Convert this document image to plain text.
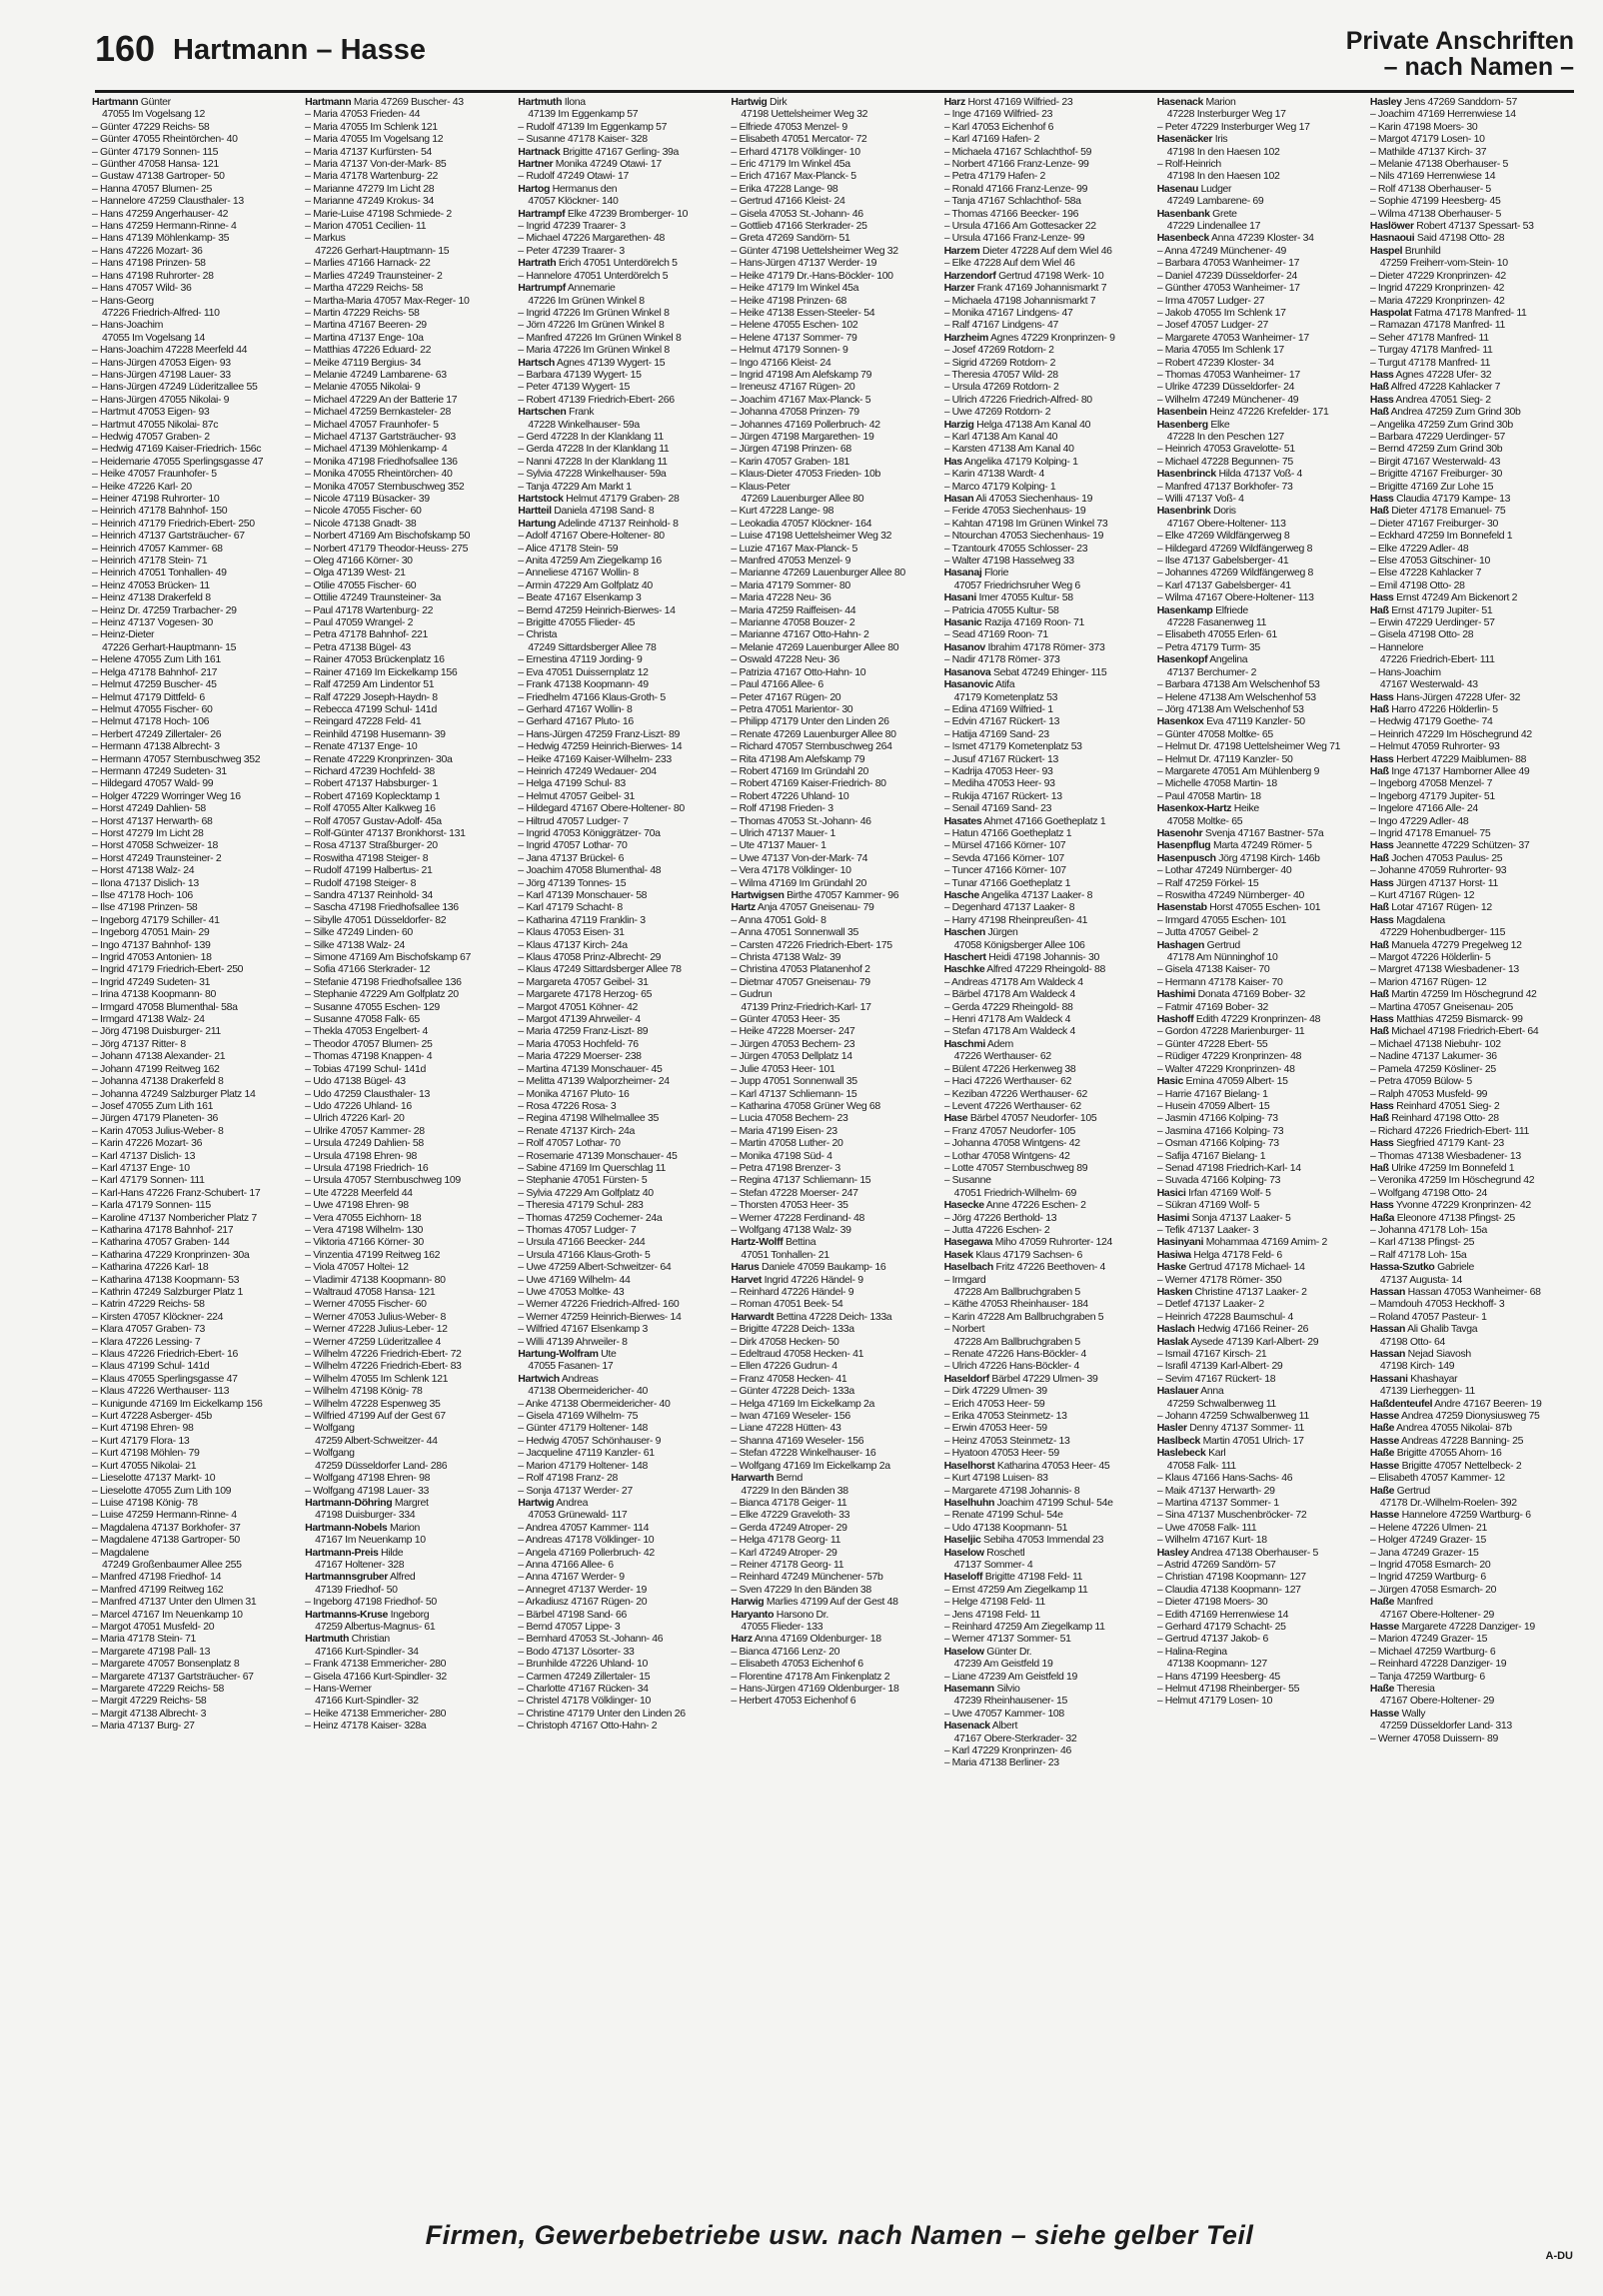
160 Hartmann – Hasse	Private Anschriften
– nach Namen –
Hartmann Günter
47055 Im Vogelsang 12
– Günter 47229 Reichs- 58
– Günter 47055 Rheintörchen- 40
– Günter 47179 Sonnen- 115
– Günther 47058 Hansa- 121
– Gustaw 47138 Gartroper- 50
– Hanna 47057 Blumen- 25
– Hannelore 47259 Clausthaler- 13
– Hans 47259 Angerhauser- 42
– Hans 47259 Hermann-Rinne- 4
– Hans 47139 Möhlenkamp- 35
– Hans 47226 Mozart- 36
– Hans 47198 Prinzen- 58
– Hans 47198 Ruhrorter- 28
– Hans 47057 Wild- 36
– Hans-Georg
47226 Friedrich-Alfred- 110
– Hans-Joachim
47055 Im Vogelsang 14
– Hans-Joachim 47228 Meerfeld 44
– Hans-Jürgen 47053 Eigen- 93
– Hans-Jürgen 47198 Lauer- 33
– Hans-Jürgen 47249 Lüderitzallee 55
– Hans-Jürgen 47055 Nikolai- 9
– Hartmut 47053 Eigen- 93
– Hartmut 47055 Nikolai- 87c
– Hedwig 47057 Graben- 2
– Hedwig 47169 Kaiser-Friedrich- 156c
– Heidemarie 47055 Sperlingsgasse 47
– Heike 47057 Fraunhofer- 5
– Heike 47226 Karl- 20
– Heiner 47198 Ruhrorter- 10
– Heinrich 47178 Bahnhof- 150
– Heinrich 47179 Friedrich-Ebert- 250
– Heinrich 47137 Gartsträucher- 67
– Heinrich 47057 Kammer- 68
– Heinrich 47178 Stein- 71
– Heinrich 47051 Tonhallen- 49
– Heinz 47053 Brücken- 11
– Heinz 47138 Drakerfeld 8
– Heinz Dr. 47259 Trarbacher- 29
– Heinz 47137 Vogesen- 30
– Heinz-Dieter
47226 Gerhart-Hauptmann- 15
– Helene 47055 Zum Lith 161
– Helga 47178 Bahnhof- 217
– Helmut 47259 Buscher- 45
– Helmut 47179 Dittfeld- 6
– Helmut 47055 Fischer- 60
– Helmut 47178 Hoch- 106
– Herbert 47249 Zillertaler- 26
– Hermann 47138 Albrecht- 3
– Hermann 47057 Sternbuschweg 352
– Hermann 47249 Sudeten- 31
– Hildegard 47057 Wald- 99
– Holger 47229 Worringer Weg 16
– Horst 47249 Dahlien- 58
– Horst 47137 Herwarth- 68
– Horst 47279 Im Licht 28
– Horst 47058 Schweizer- 18
– Horst 47249 Traunsteiner- 2
– Horst 47138 Walz- 24
– Ilona 47137 Dislich- 13
– Ilse 47178 Hoch- 106
– Ilse 47198 Prinzen- 58
– Ingeborg 47179 Schiller- 41
– Ingeborg 47051 Main- 29
– Ingo 47137 Bahnhof- 139
– Ingrid 47053 Antonien- 18
– Ingrid 47179 Friedrich-Ebert- 250
– Ingrid 47249 Sudeten- 31
– Irina 47138 Koopmann- 80
– Irmgard 47058 Blumenthal- 58a
– Irmgard 47138 Walz- 24
– Jörg 47198 Duisburger- 211
– Jörg 47137 Ritter- 8
– Johann 47138 Alexander- 21
– Johann 47199 Reitweg 162
– Johanna 47138 Drakerfeld 8
– Johanna 47249 Salzburger Platz 14
– Josef 47055 Zum Lith 161
– Jürgen 47179 Planeten- 36
– Karin 47053 Julius-Weber- 8
– Karin 47226 Mozart- 36
– Karl 47137 Dislich- 13
– Karl 47137 Enge- 10
– Karl 47179 Sonnen- 111
– Karl-Hans 47226 Franz-Schubert- 17
– Karla 47179 Sonnen- 115
– Karoline 47137 Nombericher Platz 7
– Katharina 47178 Bahnhof- 217
– Katharina 47057 Graben- 144
– Katharina 47229 Kronprinzen- 30a
– Katharina 47226 Karl- 18
– Katharina 47138 Koopmann- 53
– Kathrin 47249 Salzburger Platz 1
– Katrin 47229 Reichs- 58
– Kirsten 47057 Klöckner- 224
– Klara 47057 Graben- 73
– Klara 47226 Lessing- 7
– Klaus 47226 Friedrich-Ebert- 16
– Klaus 47199 Schul- 141d
– Klaus 47055 Sperlingsgasse 47
– Klaus 47226 Werthauser- 113
– Kunigunde 47169 Im Eickelkamp 156
– Kurt 47228 Asberger- 45b
– Kurt 47198 Ehren- 98
– Kurt 47179 Flora- 13
– Kurt 47198 Möhlen- 79
– Kurt 47055 Nikolai- 21
– Lieselotte 47137 Markt- 10
– Lieselotte 47055 Zum Lith 109
– Luise 47198 König- 78
– Luise 47259 Hermann-Rinne- 4
– Magdalena 47137 Borkhofer- 37
– Magdalene 47138 Gartroper- 50
– Magdalene
47249 Großenbaumer Allee 255
– Manfred 47198 Friedhof- 14
– Manfred 47199 Reitweg 162
– Manfred 47137 Unter den Ulmen 31
– Marcel 47167 Im Neuenkamp 10
– Margot 47051 Musfeld- 20
– Maria 47178 Stein- 71
– Margarete 47198 Pall- 13
– Margarete 47057 Bonsenplatz 8
– Margarete 47137 Gartsträucher- 67
– Margarete 47229 Reichs- 58
– Margit 47229 Reichs- 58
– Margit 47138 Albrecht- 3
– Maria 47137 Burg- 27
Hartmann Maria 47269 Buscher- 43
– Maria 47053 Frieden- 44
– Maria 47055 Im Schlenk 121
– Maria 47055 Im Vogelsang 12
– Maria 47137 Kurfürsten- 54
– Maria 47137 Von-der-Mark- 85
– Maria 47178 Wartenburg- 22
– Marianne 47279 Im Licht 28
– Marianne 47249 Krokus- 34
– Marie-Luise 47198 Schmiede- 2
– Marion 47051 Cecilien- 11
– Markus
47226 Gerhart-Hauptmann- 15
– Marlies 47166 Harnack- 22
– Marlies 47249 Traunsteiner- 2
– Martha 47229 Reichs- 58
– Martha-Maria 47057 Max-Reger- 10
– Martin 47229 Reichs- 58
– Martina 47167 Beeren- 29
– Martina 47137 Enge- 10a
– Matthias 47226 Eduard- 22
– Meike 47119 Bergius- 34
– Melanie 47249 Lambarene- 63
– Melanie 47055 Nikolai- 9
– Michael 47229 An der Batterie 17
– Michael 47259 Bernkasteler- 28
– Michael 47057 Fraunhofer- 5
– Michael 47137 Gartsträucher- 93
– Michael 47139 Möhlenkamp- 4
– Monika 47198 Friedhofsallee 136
– Monika 47055 Rheintörchen- 40
– Monika 47057 Sternbuschweg 352
– Nicole 47119 Büsacker- 39
– Nicole 47055 Fischer- 60
– Nicole 47138 Gnadt- 38
– Norbert 47169 Am Bischofskamp 50
– Norbert 47179 Theodor-Heuss- 275
– Oleg 47166 Körner- 30
– Olga 47139 West- 21
– Otilie 47055 Fischer- 60
– Ottilie 47249 Traunsteiner- 3a
– Paul 47178 Wartenburg- 22
– Paul 47059 Wrangel- 2
– Petra 47178 Bahnhof- 221
– Petra 47138 Bügel- 43
– Rainer 47053 Brückenplatz 16
– Rainer 47169 Im Eickelkamp 156
– Ralf 47259 Am Lindentor 51
– Ralf 47229 Joseph-Haydn- 8
– Rebecca 47199 Schul- 141d
– Reingard 47228 Feld- 41
– Reinhild 47198 Husemann- 39
– Renate 47137 Enge- 10
– Renate 47229 Kronprinzen- 30a
– Richard 47239 Hochfeld- 38
– Robert 47137 Habsburger- 1
– Robert 47169 Koplecktamp 1
– Rolf 47055 Alter Kalkweg 16
– Rolf 47057 Gustav-Adolf- 45a
– Rolf-Günter 47137 Bronkhorst- 131
– Rosa 47137 Straßburger- 20
– Roswitha 47198 Steiger- 8
– Rudolf 47199 Halbertus- 21
– Rudolf 47198 Steiger- 8
– Sandra 47137 Reinhold- 34
– Sascha 47198 Friedhofsallee 136
– Sibylle 47051 Düsseldorfer- 82
– Silke 47249 Linden- 60
– Silke 47138 Walz- 24
– Simone 47169 Am Bischofskamp 67
– Sofia 47166 Sterkrader- 12
– Stefanie 47198 Friedhofsallee 136
– Stephanie 47229 Am Golfplatz 20
– Susanne 47055 Eschen- 129
– Susanne 47058 Falk- 65
– Thekla 47053 Engelbert- 4
– Theodor 47057 Blumen- 25
– Thomas 47198 Knappen- 4
– Tobias 47199 Schul- 141d
– Udo 47138 Bügel- 43
– Udo 47259 Clausthaler- 13
– Udo 47226 Uhland- 16
– Ulrich 47226 Karl- 20
– Ulrike 47057 Kammer- 28
– Ursula 47249 Dahlien- 58
– Ursula 47198 Ehren- 98
– Ursula 47198 Friedrich- 16
– Ursula 47057 Sternbuschweg 109
– Ute 47228 Meerfeld 44
– Uwe 47198 Ehren- 98
– Vera 47055 Eichhorn- 18
– Vera 47198 Wilhelm- 130
– Viktoria 47166 Körner- 30
– Vinzentia 47199 Reitweg 162
– Viola 47057 Holtei- 12
– Vladimir 47138 Koopmann- 80
– Waltraud 47058 Hansa- 121
– Werner 47055 Fischer- 60
– Werner 47053 Julius-Weber- 8
– Werner 47228 Julius-Leber- 12
– Werner 47259 Lüderitzallee 4
– Wilhelm 47226 Friedrich-Ebert- 72
– Wilhelm 47226 Friedrich-Ebert- 83
– Wilhelm 47055 Im Schlenk 121
– Wilhelm 47198 König- 78
– Wilhelm 47228 Espenweg 35
– Wilfried 47199 Auf der Gest 67
– Wolfgang
47259 Albert-Schweitzer- 44
– Wolfgang
47259 Düsseldorfer Land- 286
– Wolfgang 47198 Ehren- 98
– Wolfgang 47198 Lauer- 33
Hartmann-Döhring Margret
47198 Duisburger- 334
Hartmann-Nobels Marion
47167 Im Neuenkamp 10
Hartmann-Preis Hilde
47167 Holtener- 328
Hartmannsgruber Alfred
47139 Friedhof- 50
– Ingeborg 47198 Friedhof- 50
Hartmanns-Kruse Ingeborg
47259 Albertus-Magnus- 61
Hartmuth Christian
47166 Kurt-Spindler- 34
– Frank 47138 Emmericher- 280
– Gisela 47166 Kurt-Spindler- 32
– Hans-Werner
47166 Kurt-Spindler- 32
– Heike 47138 Emmericher- 280
– Heinz 47178 Kaiser- 328a
Hartmuth Ilona
47139 Im Eggenkamp 57
– Rudolf 47139 Im Eggenkamp 57
– Susanne 47178 Kaiser- 328
Hartnack Brigitte 47167 Gerling- 39a
Hartner Monika 47249 Otawi- 17
– Rudolf 47249 Otawi- 17
Hartog Hermanus den
47057 Klöckner- 140
Hartrampf Elke 47239 Bromberger- 10
– Ingrid 47239 Traarer- 3
– Michael 47226 Margarethen- 48
– Peter 47239 Traarer- 3
Hartrath Erich 47051 Unterdörelch 5
– Hannelore 47051 Unterdörelch 5
Hartrumpf Annemarie
47226 Im Grünen Winkel 8
– Ingrid 47226 Im Grünen Winkel 8
– Jörn 47226 Im Grünen Winkel 8
– Manfred 47226 Im Grünen Winkel 8
– Maria 47226 Im Grünen Winkel 8
Hartsch Agnes 47139 Wygert- 15
– Barbara 47139 Wygert- 15
– Peter 47139 Wygert- 15
– Robert 47139 Friedrich-Ebert- 266
Hartschen Frank
47228 Winkelhauser- 59a
– Gerd 47228 In der Klanklang 11
– Gerda 47228 In der Klanklang 11
– Nanni 47228 In der Klanklang 11
– Sylvia 47228 Winkelhauser- 59a
– Tanja 47229 Am Markt 1
Hartstock Helmut 47179 Graben- 28
Hartteil Daniela 47198 Sand- 8
Hartung Adelinde 47137 Reinhold- 8
– Adolf 47167 Obere-Holtener- 80
– Alice 47178 Stein- 59
– Anita 47259 Am Ziegelkamp 16
– Anneliese 47167 Wollin- 8
– Armin 47229 Am Golfplatz 40
– Beate 47167 Elsenkamp 3
– Bernd 47259 Heinrich-Bierwes- 14
– Brigitte 47055 Flieder- 45
– Christa
47249 Sittardsberger Allee 78
– Ernestina 47119 Jording- 9
– Eva 47051 Duissernplatz 12
– Frank 47138 Koopmann- 49
– Friedhelm 47166 Klaus-Groth- 5
– Gerhard 47167 Wollin- 8
– Gerhard 47167 Pluto- 16
– Hans-Jürgen 47259 Franz-Liszt- 89
– Hedwig 47259 Heinrich-Bierwes- 14
– Heike 47169 Kaiser-Wilhelm- 233
– Heinrich 47249 Wedauer- 204
– Helga 47199 Schul- 83
– Helmut 47057 Geibel- 31
– Hildegard 47167 Obere-Holtener- 80
– Hiltrud 47057 Ludger- 7
– Ingrid 47053 Königgrätzer- 70a
– Ingrid 47057 Lothar- 70
– Jana 47137 Brückel- 6
– Joachim 47058 Blumenthal- 48
– Jörg 47139 Tonnes- 15
– Karl 47139 Monschauer- 58
– Karl 47179 Schacht- 8
– Katharina 47119 Franklin- 3
– Klaus 47053 Eisen- 31
– Klaus 47137 Kirch- 24a
– Klaus 47058 Prinz-Albrecht- 29
– Klaus 47249 Sittardsberger Allee 78
– Margareta 47057 Geibel- 31
– Margarete 47178 Herzog- 65
– Margot 47051 Köhner- 42
– Margot 47139 Ahrweiler- 4
– Maria 47259 Franz-Liszt- 89
– Maria 47053 Hochfeld- 76
– Maria 47229 Moerser- 238
– Martina 47139 Monschauer- 45
– Melitta 47139 Walporzheimer- 24
– Monika 47167 Pluto- 16
– Rosa 47226 Rosa- 3
– Regina 47198 Wilhelmallee 35
– Renate 47137 Kirch- 24a
– Rolf 47057 Lothar- 70
– Rosemarie 47139 Monschauer- 45
– Sabine 47169 Im Querschlag 11
– Stephanie 47051 Fürsten- 5
– Sylvia 47229 Am Golfplatz 40
– Theresia 47179 Schul- 283
– Thomas 47259 Cochemer- 24a
– Thomas 47057 Ludger- 7
– Ursula 47166 Beecker- 244
– Ursula 47166 Klaus-Groth- 5
– Uwe 47259 Albert-Schweitzer- 64
– Uwe 47169 Wilhelm- 44
– Uwe 47053 Moltke- 43
– Werner 47226 Friedrich-Alfred- 160
– Werner 47259 Heinrich-Bierwes- 14
– Wilfried 47167 Elsenkamp 3
– Willi 47139 Ahrweiler- 8
Hartung-Wolfram Ute
47055 Fasanen- 17
Hartwich Andreas
47138 Obermeidericher- 40
– Anke 47138 Obermeidericher- 40
– Gisela 47169 Wilhelm- 75
– Günter 47179 Holtener- 148
– Hedwig 47057 Schönhauser- 9
– Jacqueline 47119 Kanzler- 61
– Marion 47179 Holtener- 148
– Rolf 47198 Franz- 28
– Sonja 47137 Werder- 27
Hartwig Andrea
47053 Grünewald- 117
– Andrea 47057 Kammer- 114
– Andreas 47178 Völklinger- 10
– Angela 47169 Pollerbruch- 42
– Anna 47166 Allee- 6
– Anna 47167 Werder- 9
– Annegret 47137 Werder- 19
– Arkadiusz 47167 Rügen- 20
– Bärbel 47198 Sand- 66
– Bernd 47057 Lippe- 3
– Bernhard 47053 St.-Johann- 46
– Bodo 47137 Lösorter- 33
– Brunhilde 47226 Uhland- 10
– Carmen 47249 Zillertaler- 15
– Charlotte 47167 Rücken- 34
– Christel 47178 Völklinger- 10
– Christine 47179 Unter den Linden 26
– Christoph 47167 Otto-Hahn- 2
Hartwig Dirk
47198 Uettelsheimer Weg 32
– Elfriede 47053 Menzel- 9
– Elisabeth 47051 Mercator- 72
– Erhard 47178 Völklinger- 10
– Eric 47179 Im Winkel 45a
– Erich 47167 Max-Planck- 5
– Erika 47228 Lange- 98
– Gertrud 47166 Kleist- 24
– Gisela 47053 St.-Johann- 46
– Gottlieb 47166 Sterkrader- 25
– Greta 47269 Sandörn- 51
– Günter 47198 Uettelsheimer Weg 32
– Hans-Jürgen 47137 Werder- 19
– Heike 47179 Dr.-Hans-Böckler- 100
– Heike 47179 Im Winkel 45a
– Heike 47198 Prinzen- 68
– Heike 47138 Essen-Steeler- 54
– Helene 47055 Eschen- 102
– Helene 47137 Sommer- 79
– Helmut 47179 Sonnen- 9
– Ingo 47166 Kleist- 24
– Ingrid 47198 Am Alefskamp 79
– Ireneusz 47167 Rügen- 20
– Joachim 47167 Max-Planck- 5
– Johanna 47058 Prinzen- 79
– Johannes 47169 Pollerbruch- 42
– Jürgen 47198 Margarethen- 19
– Jürgen 47198 Prinzen- 68
– Karin 47057 Graben- 181
– Klaus-Dieter 47053 Frieden- 10b
– Klaus-Peter
47269 Lauenburger Allee 80
– Kurt 47228 Lange- 98
– Leokadia 47057 Klöckner- 164
– Luise 47198 Uettelsheimer Weg 32
– Luzie 47167 Max-Planck- 5
– Manfred 47053 Menzel- 9
– Marianne 47269 Lauenburger Allee 80
– Maria 47179 Sommer- 80
– Maria 47228 Neu- 36
– Maria 47259 Raiffeisen- 44
– Marianne 47058 Bouzer- 2
– Marianne 47167 Otto-Hahn- 2
– Melanie 47269 Lauenburger Allee 80
– Oswald 47228 Neu- 36
– Patrizia 47167 Otto-Hahn- 10
– Paul 47166 Allee- 6
– Peter 47167 Rügen- 20
– Petra 47051 Marientor- 30
– Philipp 47179 Unter den Linden 26
– Renate 47269 Lauenburger Allee 80
– Richard 47057 Sternbuschweg 264
– Rita 47198 Am Alefskamp 79
– Robert 47169 Im Gründahl 20
– Robert 47169 Kaiser-Friedrich- 80
– Robert 47226 Uhland- 10
– Rolf 47198 Frieden- 3
– Thomas 47053 St.-Johann- 46
– Ulrich 47137 Mauer- 1
– Ute 47137 Mauer- 1
– Uwe 47137 Von-der-Mark- 74
– Vera 47178 Völklinger- 10
– Wilma 47169 Im Gründahl 20
Hartwigsen Birthe 47057 Kammer- 96
Hartz Anja 47057 Gneisenau- 79
– Anna 47051 Gold- 8
– Anna 47051 Sonnenwall 35
– Carsten 47226 Friedrich-Ebert- 175
– Christa 47138 Walz- 39
– Christina 47053 Platanenhof 2
– Dietmar 47057 Gneisenau- 79
– Gudrun
47139 Prinz-Friedrich-Karl- 17
– Günter 47053 Heer- 35
– Heike 47228 Moerser- 247
– Jürgen 47053 Bechem- 23
– Jürgen 47053 Dellplatz 14
– Julie 47053 Heer- 101
– Jupp 47051 Sonnenwall 35
– Karl 47137 Schliemann- 15
– Katharina 47058 Grüner Weg 68
– Lucia 47058 Bechem- 23
– Maria 47199 Eisen- 23
– Martin 47058 Luther- 20
– Monika 47198 Süd- 4
– Petra 47198 Brenzer- 3
– Regina 47137 Schliemann- 15
– Stefan 47228 Moerser- 247
– Thorsten 47053 Heer- 35
– Werner 47228 Ferdinand- 48
– Wolfgang 47138 Walz- 39
Hartz-Wolff Bettina
47051 Tonhallen- 21
Harus Daniele 47059 Baukamp- 16
Harvet Ingrid 47226 Händel- 9
– Reinhard 47226 Händel- 9
– Roman 47051 Beek- 54
Harwardt Bettina 47228 Deich- 133a
– Brigitte 47228 Deich- 133a
– Dirk 47058 Hecken- 50
– Edeltraud 47058 Hecken- 41
– Ellen 47226 Gudrun- 4
– Franz 47058 Hecken- 41
– Günter 47228 Deich- 133a
– Helga 47169 Im Eickelkamp 2a
– Iwan 47169 Weseler- 156
– Liane 47228 Hütten- 43
– Shanna 47169 Weseler- 156
– Stefan 47228 Winkelhauser- 16
– Wolfgang 47169 Im Eickelkamp 2a
Harwarth Bernd
47229 In den Bänden 38
– Bianca 47178 Geiger- 11
– Elke 47229 Graveloth- 33
– Gerda 47249 Atroper- 29
– Helga 47178 Georg- 11
– Karl 47249 Atroper- 29
– Reiner 47178 Georg- 11
– Reinhard 47249 Münchener- 57b
– Sven 47229 In den Bänden 38
Harwig Marlies 47199 Auf der Gest 48
Haryanto Harsono Dr.
47055 Flieder- 133
Harz Anna 47169 Oldenburger- 18
– Bianca 47166 Lenz- 20
– Elisabeth 47053 Eichenhof 6
– Florentine 47178 Am Finkenplatz 2
– Hans-Jürgen 47169 Oldenburger- 18
– Herbert 47053 Eichenhof 6
Harz Horst 47169 Wilfried- 23
– Inge 47169 Wilfried- 23
– Karl 47053 Eichenhof 6
– Karl 47169 Hafen- 2
– Michaela 47167 Schlachthof- 59
– Norbert 47166 Franz-Lenze- 99
– Petra 47179 Hafen- 2
– Ronald 47166 Franz-Lenze- 99
– Tanja 47167 Schlachthof- 58a
– Thomas 47166 Beecker- 196
– Ursula 47166 Am Gottesacker 22
– Ursula 47166 Franz-Lenze- 99
Harzem Dieter 47228 Auf dem Wiel 46
– Elke 47228 Auf dem Wiel 46
Harzendorf Gertrud 47198 Werk- 10
Harzer Frank 47169 Johannismarkt 7
– Michaela 47198 Johannismarkt 7
– Monika 47167 Lindgens- 47
– Ralf 47167 Lindgens- 47
Harzheim Agnes 47229 Kronprinzen- 9
– Josef 47269 Rotdorn- 2
– Sigrid 47269 Rotdorn- 2
– Theresia 47057 Wild- 28
– Ursula 47269 Rotdorn- 2
– Ulrich 47226 Friedrich-Alfred- 80
– Uwe 47269 Rotdorn- 2
Harzig Helga 47138 Am Kanal 40
– Karl 47138 Am Kanal 40
– Karsten 47138 Am Kanal 40
Has Angelika 47179 Kolping- 1
– Karin 47138 Wardt- 4
– Marco 47179 Kolping- 1
Hasan Ali 47053 Siechenhaus- 19
– Feride 47053 Siechenhaus- 19
– Kahtan 47198 Im Grünen Winkel 73
– Ntourchan 47053 Siechenhaus- 19
– Tzantourk 47055 Schlosser- 23
– Walter 47198 Hasselweg 33
Hasanaj Florie
47057 Friedrichsruher Weg 6
Hasani Imer 47055 Kultur- 58
– Patricia 47055 Kultur- 58
Hasanic Razija 47169 Roon- 71
– Sead 47169 Roon- 71
Hasanov Ibrahim 47178 Römer- 373
– Nadir 47178 Römer- 373
Hasanova Sebat 47249 Ehinger- 115
Hasanovic Atifa
47179 Kometenplatz 53
– Edina 47169 Wilfried- 1
– Edvin 47167 Rückert- 13
– Hatija 47169 Sand- 23
– Ismet 47179 Kometenplatz 53
– Jusuf 47167 Rückert- 13
– Kadrija 47053 Heer- 93
– Mediha 47053 Heer- 93
– Rukija 47167 Rückert- 13
– Senail 47169 Sand- 23
Hasates Ahmet 47166 Goetheplatz 1
– Hatun 47166 Goetheplatz 1
– Mürsel 47166 Körner- 107
– Sevda 47166 Körner- 107
– Tuncer 47166 Körner- 107
– Tunar 47166 Goetheplatz 1
Hasche Angelika 47137 Laaker- 8
– Degenhard 47137 Laaker- 8
– Harry 47198 Rheinpreußen- 41
Haschen Jürgen
47058 Königsberger Allee 106
Haschert Heidi 47198 Johannis- 30
Haschke Alfred 47229 Rheingold- 88
– Andreas 47178 Am Waldeck 4
– Bärbel 47178 Am Waldeck 4
– Gerda 47229 Rheingold- 88
– Henri 47178 Am Waldeck 4
– Stefan 47178 Am Waldeck 4
Haschmi Adem
47226 Werthauser- 62
– Bülent 47226 Herkenweg 38
– Haci 47226 Werthauser- 62
– Keziban 47226 Werthauser- 62
– Levent 47226 Werthauser- 62
Hase Bärbel 47057 Neudorfer- 105
– Franz 47057 Neudorfer- 105
– Johanna 47058 Wintgens- 42
– Lothar 47058 Wintgens- 42
– Lotte 47057 Sternbuschweg 89
– Susanne
47051 Friedrich-Wilhelm- 69
Hasecke Anne 47226 Eschen- 2
– Jörg 47226 Berthold- 13
– Jutta 47226 Eschen- 2
Hasegawa Miho 47059 Ruhrorter- 124
Hasek Klaus 47179 Sachsen- 6
Haselbach Fritz 47226 Beethoven- 4
– Irmgard
47228 Am Ballbruchgraben 5
– Käthe 47053 Rheinhauser- 184
– Karin 47228 Am Ballbruchgraben 5
– Norbert
47228 Am Ballbruchgraben 5
– Renate 47226 Hans-Böckler- 4
– Ulrich 47226 Hans-Böckler- 4
Haseldorf Bärbel 47229 Ulmen- 39
– Dirk 47229 Ulmen- 39
– Erich 47053 Heer- 59
– Erika 47053 Steinmetz- 13
– Erwin 47053 Heer- 59
– Heinz 47053 Steinmetz- 13
– Hyatoon 47053 Heer- 59
Haselhorst Katharina 47053 Heer- 45
– Kurt 47198 Luisen- 83
– Margarete 47198 Johannis- 8
Haselhuhn Joachim 47199 Schul- 54e
– Renate 47199 Schul- 54e
– Udo 47138 Koopmann- 51
Haseljic Sebiha 47053 Immendal 23
Haselow Roschetl
47137 Sommer- 4
Haseloff Brigitte 47198 Feld- 11
– Ernst 47259 Am Ziegelkamp 11
– Helge 47198 Feld- 11
– Jens 47198 Feld- 11
– Reinhard 47259 Am Ziegelkamp 11
– Werner 47137 Sommer- 51
Haselow Günter Dr.
47239 Am Geistfeld 19
– Liane 47239 Am Geistfeld 19
Hasemann Silvio
47239 Rheinhausener- 15
– Uwe 47057 Kammer- 108
Hasenack Albert
47167 Obere-Sterkrader- 32
– Karl 47229 Kronprinzen- 46
– Maria 47138 Berliner- 23
Hasenack Marion
47228 Insterburger Weg 17
– Peter 47229 Insterburger Weg 17
Hasenäcker Iris
47198 In den Haesen 102
– Rolf-Heinrich
47198 In den Haesen 102
Hasenau Ludger
47249 Lambarene- 69
Hasenbank Grete
47229 Lindenallee 17
Hasenbeck Anna 47239 Kloster- 34
– Anna 47249 Münchener- 49
– Barbara 47053 Wanheimer- 17
– Daniel 47239 Düsseldorfer- 24
– Günther 47053 Wanheimer- 17
– Irma 47057 Ludger- 27
– Jakob 47055 Im Schlenk 17
– Josef 47057 Ludger- 27
– Margarete 47053 Wanheimer- 17
– Maria 47055 Im Schlenk 17
– Robert 47239 Kloster- 34
– Thomas 47053 Wanheimer- 17
– Ulrike 47239 Düsseldorfer- 24
– Wilhelm 47249 Münchener- 49
Hasenbein Heinz 47226 Krefelder- 171
Hasenberg Elke
47228 In den Peschen 127
– Heinrich 47053 Gravelotte- 51
– Michael 47228 Begunnen- 75
Hasenbrinck Hilda 47137 Voß- 4
– Manfred 47137 Borkhofer- 73
– Willi 47137 Voß- 4
Hasenbrink Doris
47167 Obere-Holtener- 113
– Elke 47269 Wildfängerweg 8
– Hildegard 47269 Wildfängerweg 8
– Ilse 47137 Gabelsberger- 41
– Johannes 47269 Wildfängerweg 8
– Karl 47137 Gabelsberger- 41
– Wilma 47167 Obere-Holtener- 113
Hasenkamp Elfriede
47228 Fasanenweg 11
– Elisabeth 47055 Erlen- 61
– Petra 47179 Turm- 35
Hasenkopf Angelina
47137 Berchumer- 2
– Barbara 47138 Am Welschenhof 53
– Helene 47138 Am Welschenhof 53
– Jörg 47138 Am Welschenhof 53
Hasenkox Eva 47119 Kanzler- 50
– Günter 47058 Moltke- 65
– Helmut Dr. 47198 Uettelsheimer Weg 71
– Helmut Dr. 47119 Kanzler- 50
– Margarete 47051 Am Mühlenberg 9
– Michelle 47058 Martin- 18
– Paul 47058 Martin- 18
Hasenkox-Hartz Heike
47058 Moltke- 65
Hasenohr Svenja 47167 Bastner- 57a
Hasenpflug Marta 47249 Römer- 5
Hasenpusch Jörg 47198 Kirch- 146b
– Lothar 47249 Nürnberger- 40
– Ralf 47259 Förkel- 15
– Roswitha 47249 Nürnberger- 40
Hasenstab Horst 47055 Eschen- 101
– Irmgard 47055 Eschen- 101
– Jutta 47057 Geibel- 2
Hashagen Gertrud
47178 Am Nünninghof 10
– Gisela 47138 Kaiser- 70
– Hermann 47178 Kaiser- 70
Hashimi Donata 47169 Bober- 32
– Fatmir 47169 Bober- 32
Hashoff Edith 47229 Kronprinzen- 48
– Gordon 47228 Marienburger- 11
– Günter 47228 Ebert- 55
– Rüdiger 47229 Kronprinzen- 48
– Walter 47229 Kronprinzen- 48
Hasic Emina 47059 Albert- 15
– Harrie 47167 Bielang- 1
– Husein 47059 Albert- 15
– Jasmin 47166 Kolping- 73
– Jasmina 47166 Kolping- 73
– Osman 47166 Kolping- 73
– Safija 47167 Bielang- 1
– Senad 47198 Friedrich-Karl- 14
– Suvada 47166 Kolping- 73
Hasici Irfan 47169 Wolf- 5
– Sükran 47169 Wolf- 5
Hasimi Sonja 47137 Laaker- 5
– Tefik 47137 Laaker- 3
Hasinyani Mohammaa 47169 Amim- 2
Hasiwa Helga 47178 Feld- 6
Haske Gertrud 47178 Michael- 14
– Werner 47178 Römer- 350
Hasken Christine 47137 Laaker- 2
– Detlef 47137 Laaker- 2
– Heinrich 47228 Baumschul- 4
Haslach Hedwig 47166 Reiner- 26
Haslak Aysede 47139 Karl-Albert- 29
– Ismail 47167 Kirsch- 21
– Israfil 47139 Karl-Albert- 29
– Sevim 47167 Rückert- 18
Haslauer Anna
47259 Schwalbenweg 11
– Johann 47259 Schwalbenweg 11
Hasler Denny 47137 Sommer- 11
Haslbeck Martin 47051 Ulrich- 17
Haslebeck Karl
47058 Falk- 111
– Klaus 47166 Hans-Sachs- 46
– Maik 47137 Herwarth- 29
– Martina 47137 Sommer- 1
– Sina 47137 Muschenbröcker- 72
– Uwe 47058 Falk- 111
– Wilhelm 47167 Kurt- 18
Hasley Andrea 47138 Oberhauser- 5
– Astrid 47269 Sandörn- 57
– Christian 47198 Koopmann- 127
– Claudia 47138 Koopmann- 127
– Dieter 47198 Moers- 30
– Edith 47169 Herrenwiese 14
– Gerhard 47179 Schacht- 25
– Gertrud 47137 Jakob- 6
– Halina-Regina
47138 Koopmann- 127
– Hans 47199 Heesberg- 45
– Helmut 47198 Rheinberger- 55
– Helmut 47179 Losen- 10
Hasley Jens 47269 Sanddorn- 57
– Joachim 47169 Herrenwiese 14
– Karin 47198 Moers- 30
– Margot 47179 Losen- 10
– Mathilde 47137 Kirch- 37
– Melanie 47138 Oberhauser- 5
– Nils 47169 Herrenwiese 14
– Rolf 47138 Oberhauser- 5
– Sophie 47199 Heesberg- 45
– Wilma 47138 Oberhauser- 5
Haslöwer Robert 47137 Spessart- 53
Hasnaoui Said 47198 Otto- 28
Haspel Brunhild
47259 Freiherr-vom-Stein- 10
– Dieter 47229 Kronprinzen- 42
– Ingrid 47229 Kronprinzen- 42
– Maria 47229 Kronprinzen- 42
Haspolat Fatma 47178 Manfred- 11
– Ramazan 47178 Manfred- 11
– Seher 47178 Manfred- 11
– Turgay 47178 Manfred- 11
– Turgut 47178 Manfred- 11
Hass Agnes 47228 Ufer- 32
Haß Alfred 47228 Kahlacker 7
Hass Andrea 47051 Sieg- 2
Haß Andrea 47259 Zum Grind 30b
– Angelika 47259 Zum Grind 30b
– Barbara 47229 Uerdinger- 57
– Bernd 47259 Zum Grind 30b
– Birgit 47167 Westerwald- 43
– Brigitte 47167 Freiburger- 30
– Brigitte 47169 Zur Lohe 15
Hass Claudia 47179 Kampe- 13
Haß Dieter 47178 Emanuel- 75
– Dieter 47167 Freiburger- 30
– Eckhard 47259 Im Bonnefeld 1
– Elke 47229 Adler- 48
– Else 47053 Gitschiner- 10
– Else 47228 Kahlacker 7
– Emil 47198 Otto- 28
Hass Ernst 47249 Am Bickenort 2
Haß Ernst 47179 Jupiter- 51
– Erwin 47229 Uerdinger- 57
– Gisela 47198 Otto- 28
– Hannelore
47226 Friedrich-Ebert- 111
– Hans-Joachim
47167 Westerwald- 43
Hass Hans-Jürgen 47228 Ufer- 32
Haß Harro 47226 Hölderlin- 5
– Hedwig 47179 Goethe- 74
– Heinrich 47229 Im Höschegrund 42
– Helmut 47059 Ruhrorter- 93
Hass Herbert 47229 Maiblumen- 88
Haß Inge 47137 Hamborner Allee 49
– Ingeborg 47058 Menzel- 7
– Ingeborg 47179 Jupiter- 51
– Ingelore 47166 Alle- 24
– Ingo 47229 Adler- 48
– Ingrid 47178 Emanuel- 75
Hass Jeannette 47229 Schützen- 37
Haß Jochen 47053 Paulus- 25
– Johanne 47059 Ruhrorter- 93
Hass Jürgen 47137 Horst- 11
– Kurt 47167 Rügen- 12
Haß Lotar 47167 Rügen- 12
Hass Magdalena
47229 Hohenbudberger- 115
Haß Manuela 47279 Pregelweg 12
– Margot 47226 Hölderlin- 5
– Margret 47138 Wiesbadener- 13
– Marion 47167 Rügen- 12
Haß Martin 47259 Im Höschegrund 42
– Martina 47057 Gneisenau- 205
Hass Matthias 47259 Bismarck- 99
Haß Michael 47198 Friedrich-Ebert- 64
– Michael 47138 Niebuhr- 102
– Nadine 47137 Lakumer- 36
– Pamela 47259 Kösliner- 25
– Petra 47059 Bülow- 5
– Ralph 47053 Musfeld- 99
Hass Reinhard 47051 Sieg- 2
Haß Reinhard 47198 Otto- 28
– Richard 47226 Friedrich-Ebert- 111
Hass Siegfried 47179 Kant- 23
– Thomas 47138 Wiesbadener- 13
Haß Ulrike 47259 Im Bonnefeld 1
– Veronika 47259 Im Höschegrund 42
– Wolfgang 47198 Otto- 24
Hass Yvonne 47229 Kronprinzen- 42
Haßa Eleonore 47138 Pfingst- 25
– Johanna 47178 Loh- 15a
– Karl 47138 Pfingst- 25
– Ralf 47178 Loh- 15a
Hassa-Szutko Gabriele
47137 Augusta- 14
Hassan Hassan 47053 Wanheimer- 68
– Mamdouh 47053 Heckhoff- 3
– Roland 47057 Pasteur- 1
Hassan Ali Ghalib Tavga
47198 Otto- 64
Hassan Nejad Siavosh
47198 Kirch- 149
Hassani Khashayar
47139 Lierheggen- 11
Haßdenteufel Andre 47167 Beeren- 19
Hasse Andrea 47259 Dionysiusweg 75
Haße Andrea 47055 Nikolai- 87b
Hasse Andreas 47228 Banning- 25
Haße Brigitte 47055 Ahorn- 16
Hasse Brigitte 47057 Nettelbeck- 2
– Elisabeth 47057 Kammer- 12
Haße Gertrud
47178 Dr.-Wilhelm-Roelen- 392
Hasse Hannelore 47259 Wartburg- 6
– Helene 47226 Ulmen- 21
– Holger 47249 Grazer- 15
– Jana 47249 Grazer- 15
– Ingrid 47058 Esmarch- 20
– Ingrid 47259 Wartburg- 6
– Jürgen 47058 Esmarch- 20
Haße Manfred
47167 Obere-Holtener- 29
Hasse Margarete 47228 Danziger- 19
– Marion 47249 Grazer- 15
– Michael 47259 Wartburg- 6
– Reinhard 47228 Danziger- 19
– Tanja 47259 Wartburg- 6
Haße Theresia
47167 Obere-Holtener- 29
Hasse Wally
47259 Düsseldorfer Land- 313
– Werner 47058 Duissern- 89
Firmen, Gewerbebetriebe usw. nach Namen – siehe gelber Teil
A-DU
